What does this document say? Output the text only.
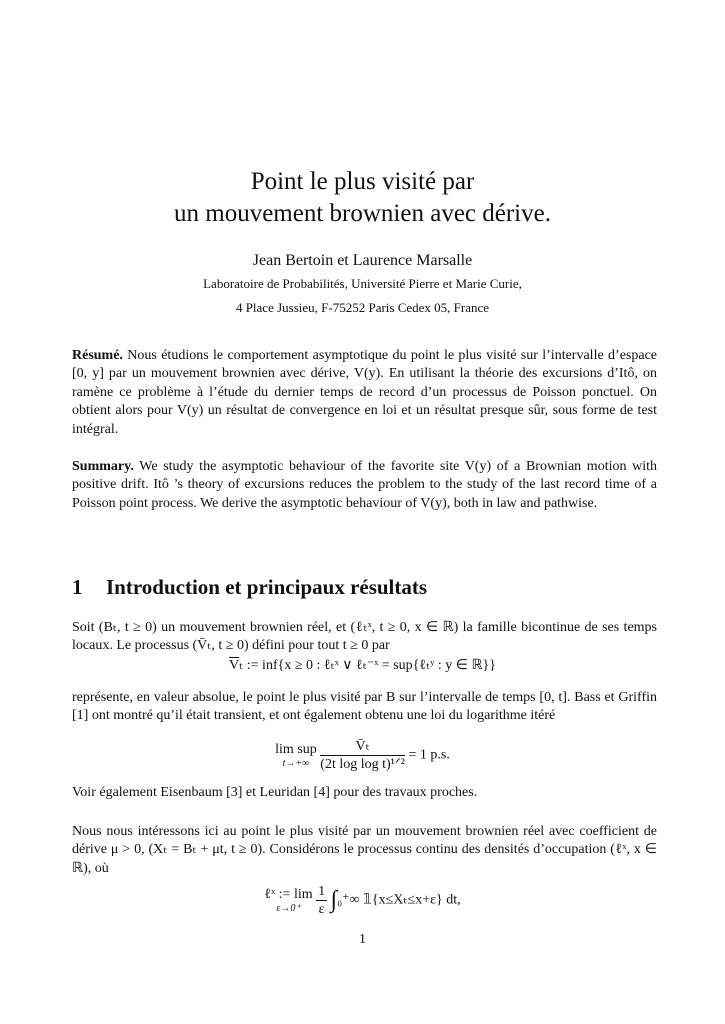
Point le plus visité par
un mouvement brownien avec dérive.
Jean Bertoin et Laurence Marsalle
Laboratoire de Probabilités, Université Pierre et Marie Curie,
4 Place Jussieu, F-75252 Paris Cedex 05, France
Résumé. Nous étudions le comportement asymptotique du point le plus visité sur l’intervalle d’espace [0, y] par un mouvement brownien avec dérive, V(y). En utilisant la théorie des excursions d’Itô, on ramène ce problème à l’étude du dernier temps de record d’un processus de Poisson ponctuel. On obtient alors pour V(y) un résultat de convergence en loi et un résultat presque sûr, sous forme de test intégral.
Summary. We study the asymptotic behaviour of the favorite site V(y) of a Brownian motion with positive drift. Itô ’s theory of excursions reduces the problem to the study of the last record time of a Poisson point process. We derive the asymptotic behaviour of V(y), both in law and pathwise.
1 Introduction et principaux résultats
Soit (Bₜ, t ≥ 0) un mouvement brownien réel, et (ℓₜˣ, t ≥ 0, x ∈ ℝ) la famille bicontinue de ses temps locaux. Le processus (V̄ₜ, t ≥ 0) défini pour tout t ≥ 0 par
$\overline{V}_t$ := inf{x ≥ 0 : ℓₜˣ ∨ ℓₜ⁻ˣ = sup{ℓₜʸ : y ∈ ℝ}}
représente, en valeur absolue, le point le plus visité par B sur l’intervalle de temps [0, t]. Bass et Griffin [1] ont montré qu’il était transient, et ont également obtenu une loi du logarithme itéré
lim sup
t→+∞
$\frac{\text{V̄ₜ}}{\text{(2t log log t)¹ᐟ²}} = 1$ p.s.
Voir également Eisenbaum [3] et Leuridan [4] pour des travaux proches.
Nous nous intéressons ici au point le plus visité par un mouvement brownien réel avec coefficient de dérive μ > 0, (Xₜ = Bₜ + μt, t ≥ 0). Considérons le processus continu des densités d’occupation (ℓˣ, x ∈ ℝ), où
ℓˣ := lim
ε→0⁺
	$\frac{1}{\varepsilon} \int_0^+\infty$ 𝟙{x≤Xₜ≤x+ε} dt,
1
